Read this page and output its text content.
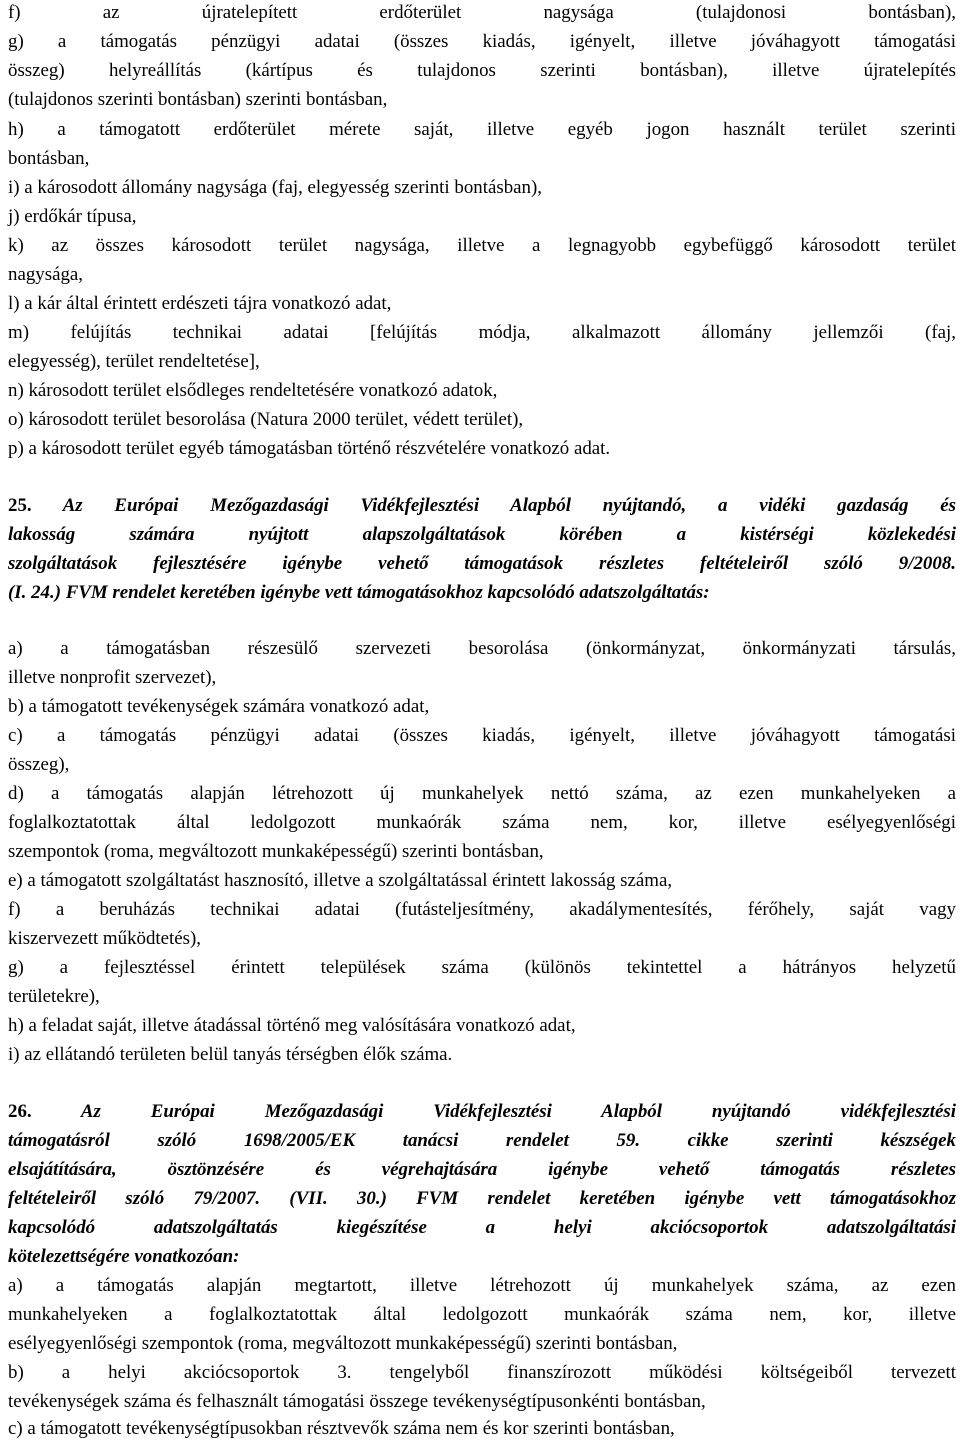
f) az újratelepített erdőterület nagysága (tulajdonosi bontásban),
g) a támogatás pénzügyi adatai (összes kiadás, igényelt, illetve jóváhagyott támogatási
összeg) helyreállítás (kártípus és tulajdonos szerinti bontásban), illetve újratelepítés
(tulajdonos szerinti bontásban) szerinti bontásban,
h) a támogatott erdőterület mérete saját, illetve egyéb jogon használt terület szerinti
bontásban,
i) a károsodott állomány nagysága (faj, elegyesség szerinti bontásban),
j) erdőkár típusa,
k) az összes károsodott terület nagysága, illetve a legnagyobb egybefüggő károsodott terület
nagysága,
l) a kár által érintett erdészeti tájra vonatkozó adat,
m) felújítás technikai adatai [felújítás módja, alkalmazott állomány jellemzői (faj,
elegyesség), terület rendeltetése],
n) károsodott terület elsődleges rendeltetésére vonatkozó adatok,
o) károsodott terület besorolása (Natura 2000 terület, védett terület),
p) a károsodott terület egyéb támogatásban történő részvételére vonatkozó adat.
25. Az Európai Mezőgazdasági Vidékfejlesztési Alapból nyújtandó, a vidéki gazdaság és
lakosság számára nyújtott alapszolgáltatások körében a kistérségi közlekedési
szolgáltatások fejlesztésére igénybe vehető támogatások részletes feltételeiről szóló 9/2008.
(I. 24.) FVM rendelet keretében igénybe vett támogatásokhoz kapcsolódó adatszolgáltatás:
a) a támogatásban részesülő szervezeti besorolása (önkormányzat, önkormányzati társulás,
illetve nonprofit szervezet),
b) a támogatott tevékenységek számára vonatkozó adat,
c) a támogatás pénzügyi adatai (összes kiadás, igényelt, illetve jóváhagyott támogatási
összeg),
d) a támogatás alapján létrehozott új munkahelyek nettó száma, az ezen munkahelyeken a
foglalkoztatottak által ledolgozott munkaórák száma nem, kor, illetve esélyegyenlőségi
szempontok (roma, megváltozott munkaképességű) szerinti bontásban,
e) a támogatott szolgáltatást hasznosító, illetve a szolgáltatással érintett lakosság száma,
f) a beruházás technikai adatai (futásteljesítmény, akadálymentesítés, férőhely, saját vagy
kiszervezett működtetés),
g) a fejlesztéssel érintett települések száma (különös tekintettel a hátrányos helyzetű
területekre),
h) a feladat saját, illetve átadással történő meg valósítására vonatkozó adat,
i) az ellátandó területen belül tanyás térségben élők száma.
26.	Az Európai Mezőgazdasági Vidékfejlesztési Alapból nyújtandó vidékfejlesztési
támogatásról szóló 1698/2005/EK tanácsi rendelet 59. cikke szerinti készségek
elsajátítására, ösztönzésére és végrehajtására igénybe vehető támogatás részletes
feltételeiről szóló 79/2007. (VII. 30.) FVM rendelet keretében igénybe vett támogatásokhoz
kapcsolódó adatszolgáltatás kiegészítése a helyi akciócsoportok adatszolgáltatási
kötelezettségére vonatkozóan:
a) a támogatás alapján megtartott, illetve létrehozott új munkahelyek száma, az ezen
munkahelyeken a foglalkoztatottak által ledolgozott munkaórák száma nem, kor, illetve
esélyegyenlőségi szempontok (roma, megváltozott munkaképességű) szerinti bontásban,
b) a helyi akciócsoportok 3. tengelyből finanszírozott működési költségeiből tervezett
tevékenységek száma és felhasznált támogatási összege tevékenységtípusonkénti bontásban,
c) a támogatott tevékenységtípusokban résztvevők száma nem és kor szerinti bontásban,
